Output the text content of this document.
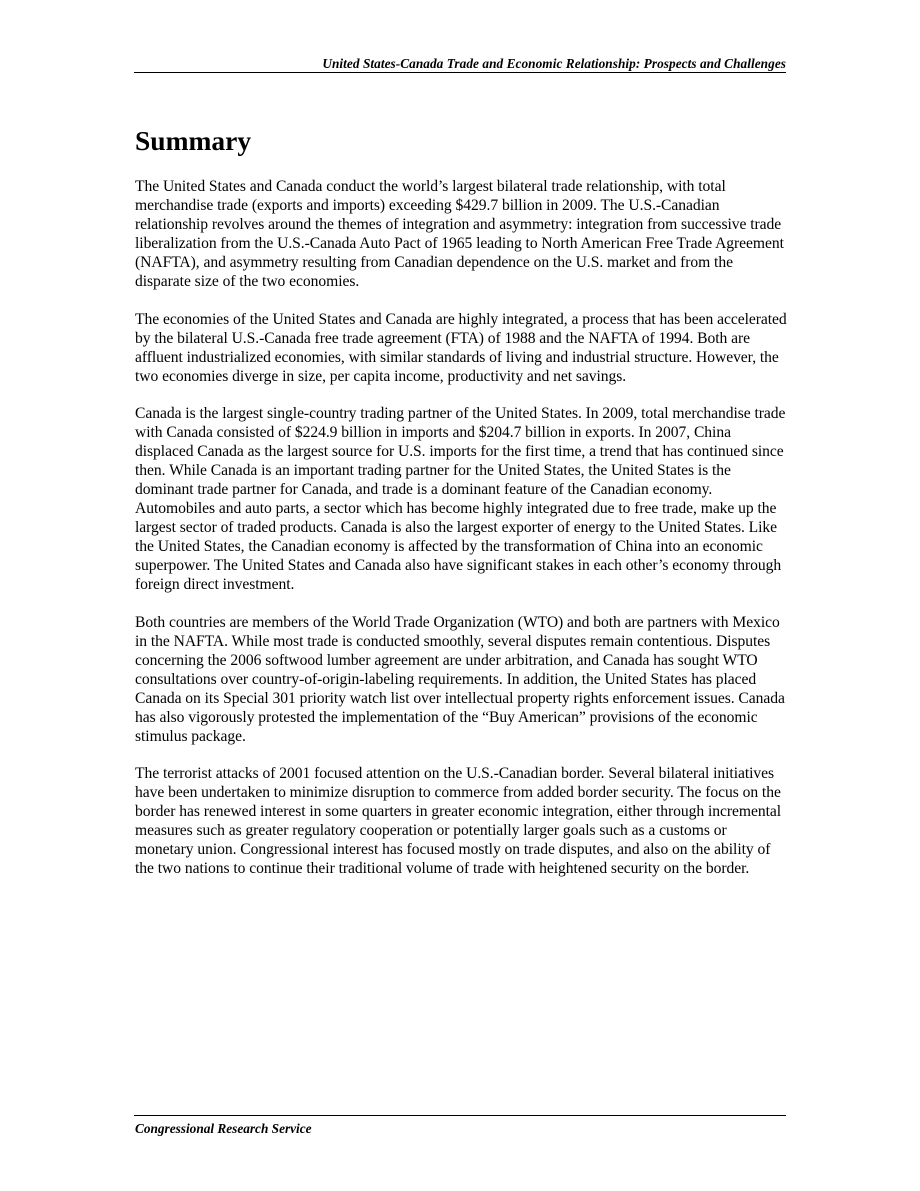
United States-Canada Trade and Economic Relationship: Prospects and Challenges
Summary

The United States and Canada conduct the world’s largest bilateral trade relationship, with total merchandise trade (exports and imports) exceeding $429.7 billion in 2009. The U.S.-Canadian relationship revolves around the themes of integration and asymmetry: integration from successive trade liberalization from the U.S.-Canada Auto Pact of 1965 leading to North American Free Trade Agreement (NAFTA), and asymmetry resulting from Canadian dependence on the U.S. market and from the disparate size of the two economies.

The economies of the United States and Canada are highly integrated, a process that has been accelerated by the bilateral U.S.-Canada free trade agreement (FTA) of 1988 and the NAFTA of 1994. Both are affluent industrialized economies, with similar standards of living and industrial structure. However, the two economies diverge in size, per capita income, productivity and net savings.

Canada is the largest single-country trading partner of the United States. In 2009, total merchandise trade with Canada consisted of $224.9 billion in imports and $204.7 billion in exports. In 2007, China displaced Canada as the largest source for U.S. imports for the first time, a trend that has continued since then. While Canada is an important trading partner for the United States, the United States is the dominant trade partner for Canada, and trade is a dominant feature of the Canadian economy. Automobiles and auto parts, a sector which has become highly integrated due to free trade, make up the largest sector of traded products. Canada is also the largest exporter of energy to the United States. Like the United States, the Canadian economy is affected by the transformation of China into an economic superpower. The United States and Canada also have significant stakes in each other’s economy through foreign direct investment.

Both countries are members of the World Trade Organization (WTO) and both are partners with Mexico in the NAFTA. While most trade is conducted smoothly, several disputes remain contentious. Disputes concerning the 2006 softwood lumber agreement are under arbitration, and Canada has sought WTO consultations over country-of-origin-labeling requirements. In addition, the United States has placed Canada on its Special 301 priority watch list over intellectual property rights enforcement issues. Canada has also vigorously protested the implementation of the “Buy American” provisions of the economic stimulus package.

The terrorist attacks of 2001 focused attention on the U.S.-Canadian border. Several bilateral initiatives have been undertaken to minimize disruption to commerce from added border security. The focus on the border has renewed interest in some quarters in greater economic integration, either through incremental measures such as greater regulatory cooperation or potentially larger goals such as a customs or monetary union. Congressional interest has focused mostly on trade disputes, and also on the ability of the two nations to continue their traditional volume of trade with heightened security on the border.

Congressional Research Service
